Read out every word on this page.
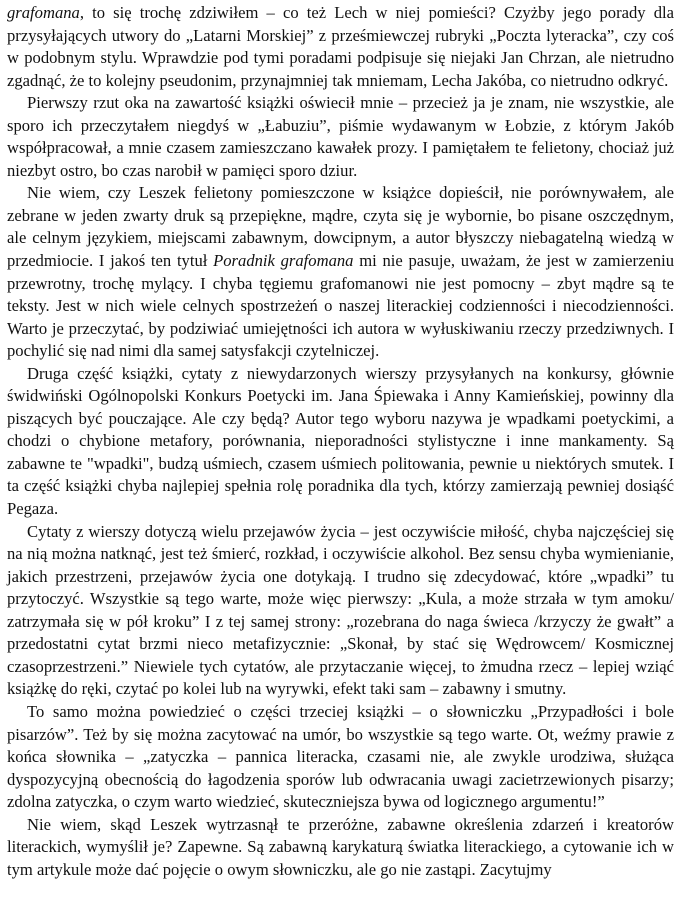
grafomana, to się trochę zdziwiłem – co też Lech w niej pomieści? Czyżby jego porady dla przysyłających utwory do „Latarni Morskiej” z prześmiewczej rubryki „Poczta lyteracka”, czy coś w podobnym stylu. Wprawdzie pod tymi poradami podpisuje się niejaki Jan Chrzan, ale nietrudno zgadnąć, że to kolejny pseudonim, przynajmniej tak mniemam, Lecha Jakóba, co nietrudno odkryć.

Pierwszy rzut oka na zawartość książki oświecił mnie – przecież ja je znam, nie wszystkie, ale sporo ich przeczytałem niegdyś w „Łabuziu”, piśmie wydawanym w Łobzie, z którym Jakób współpracował, a mnie czasem zamieszczano kawałek prozy. I pamiętałem te felietony, chociaż już niezbyt ostro, bo czas narobił w pamięci sporo dziur.

Nie wiem, czy Leszek felietony pomieszczone w książce dopieścił, nie porównywałem, ale zebrane w jeden zwarty druk są przepiękne, mądre, czyta się je wybornie, bo pisane oszczędnym, ale celnym językiem, miejscami zabawnym, dowcipnym, a autor błyszczy niebagatelną wiedzą w przedmiocie. I jakoś ten tytuł Poradnik grafomana mi nie pasuje, uważam, że jest w zamierzeniu przewrotny, trochę mylący. I chyba tęgiemu grafomanowi nie jest pomocny – zbyt mądre są te teksty. Jest w nich wiele celnych spostrzeżeń o naszej literackiej codzienności i niecodzienności. Warto je przeczytać, by podziwiać umiejętności ich autora w wyłuskiwaniu rzeczy przedziwnych. I pochylić się nad nimi dla samej satysfakcji czytelniczej.

Druga część książki, cytaty z niewydarzonych wierszy przysyłanych na konkursy, głównie świdwiński Ogólnopolski Konkurs Poetycki im. Jana Śpiewaka i Anny Kamieńskiej, powinny dla piszących być pouczające. Ale czy będą? Autor tego wyboru nazywa je wpadkami poetyckimi, a chodzi o chybione metafory, porównania, nieporadności stylistyczne i inne mankamenty. Są zabawne te "wpadki", budzą uśmiech, czasem uśmiech politowania, pewnie u niektórych smutek. I ta część książki chyba najlepiej spełnia rolę poradnika dla tych, którzy zamierzają pewniej dosiąść Pegaza.

Cytaty z wierszy dotyczą wielu przejawów życia – jest oczywiście miłość, chyba najczęściej się na nią można natknąć, jest też śmierć, rozkład, i oczywiście alkohol. Bez sensu chyba wymienianie, jakich przestrzeni, przejawów życia one dotykają. I trudno się zdecydować, które „wpadki” tu przytoczyć. Wszystkie są tego warte, może więc pierwszy: „Kula, a może strzała w tym amoku/ zatrzymała się w pół kroku” I z tej samej strony: „rozebrana do naga świeca /krzyczy że gwałt” a przedostatni cytat brzmi nieco metafizycznie: „Skonał, by stać się Wędrowcem/ Kosmicznej czasoprzestrzeni.” Niewiele tych cytatów, ale przytaczanie więcej, to żmudna rzecz – lepiej wziąć książkę do ręki, czytać po kolei lub na wyrywki, efekt taki sam – zabawny i smutny.

To samo można powiedzieć o części trzeciej książki – o słowniczku „Przypadłości i bole pisarzów”. Też by się można zacytować na umór, bo wszystkie są tego warte. Ot, weźmy prawie z końca słownika – „zatyczka – pannica literacka, czasami nie, ale zwykle urodziwa, służąca dyspozycyjną obecnością do łagodzenia sporów lub odwracania uwagi zacietrzewionych pisarzy; zdolna zatyczka, o czym warto wiedzieć, skuteczniejsza bywa od logicznego argumentu!”

Nie wiem, skąd Leszek wytrzasnął te przeróżne, zabawne określenia zdarzeń i kreatorów literackich, wymyślił je? Zapewne. Są zabawną karykaturą światka literackiego, a cytowanie ich w tym artykule może dać pojęcie o owym słowniczku, ale go nie zastąpi. Zacytujmy
